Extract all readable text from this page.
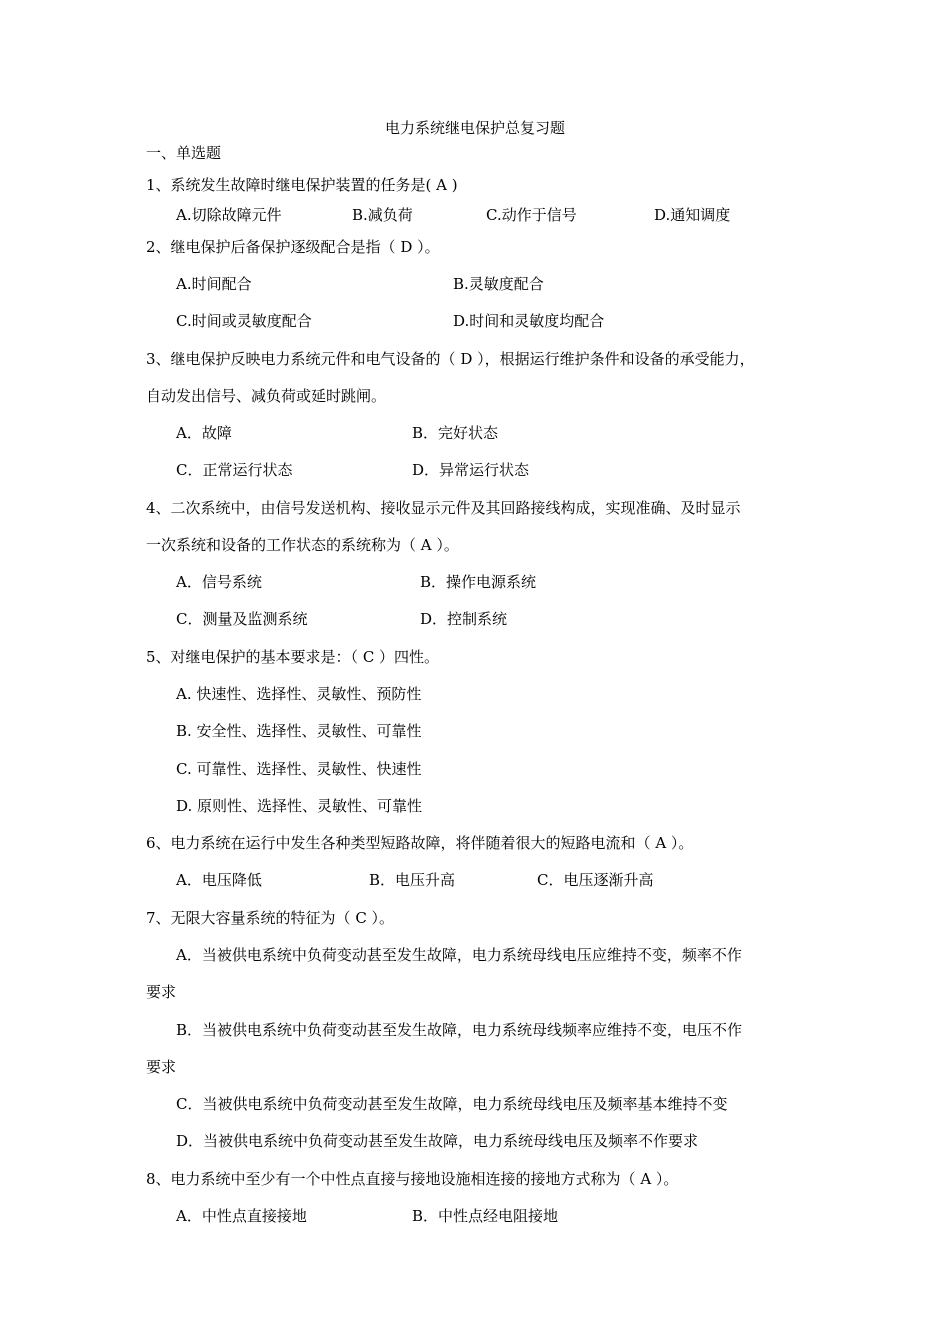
电力系统继电保护总复习题
一、单选题
1、系统发生故障时继电保护装置的任务是( A )
A.切除故障元件	B.减负荷	C.动作于信号	D.通知调度
2、继电保护后备保护逐级配合是指（ D ）。
A.时间配合	B.灵敏度配合
C.时间或灵敏度配合	D.时间和灵敏度均配合
3、继电保护反映电力系统元件和电气设备的（ D ），根据运行维护条件和设备的承受能力，
自动发出信号、减负荷或延时跳闸。
A．故障	B．完好状态
C．正常运行状态	D．异常运行状态
4、二次系统中，由信号发送机构、接收显示元件及其回路接线构成，实现准确、及时显示
一次系统和设备的工作状态的系统称为（ A ）。
A．信号系统	B．操作电源系统
C．测量及监测系统	D．控制系统
5、对继电保护的基本要求是：（ C ）四性。
A. 快速性、选择性、灵敏性、预防性
B. 安全性、选择性、灵敏性、可靠性
C. 可靠性、选择性、灵敏性、快速性
D. 原则性、选择性、灵敏性、可靠性
6、电力系统在运行中发生各种类型短路故障，将伴随着很大的短路电流和（ A ）。
A．电压降低	B．电压升高	C．电压逐渐升高
7、无限大容量系统的特征为（ C ）。
A．当被供电系统中负荷变动甚至发生故障，电力系统母线电压应维持不变，频率不作
要求
B．当被供电系统中负荷变动甚至发生故障，电力系统母线频率应维持不变，电压不作
要求
C．当被供电系统中负荷变动甚至发生故障，电力系统母线电压及频率基本维持不变
D．当被供电系统中负荷变动甚至发生故障，电力系统母线电压及频率不作要求
8、电力系统中至少有一个中性点直接与接地设施相连接的接地方式称为（ A ）。
A．中性点直接接地	B．中性点经电阻接地
